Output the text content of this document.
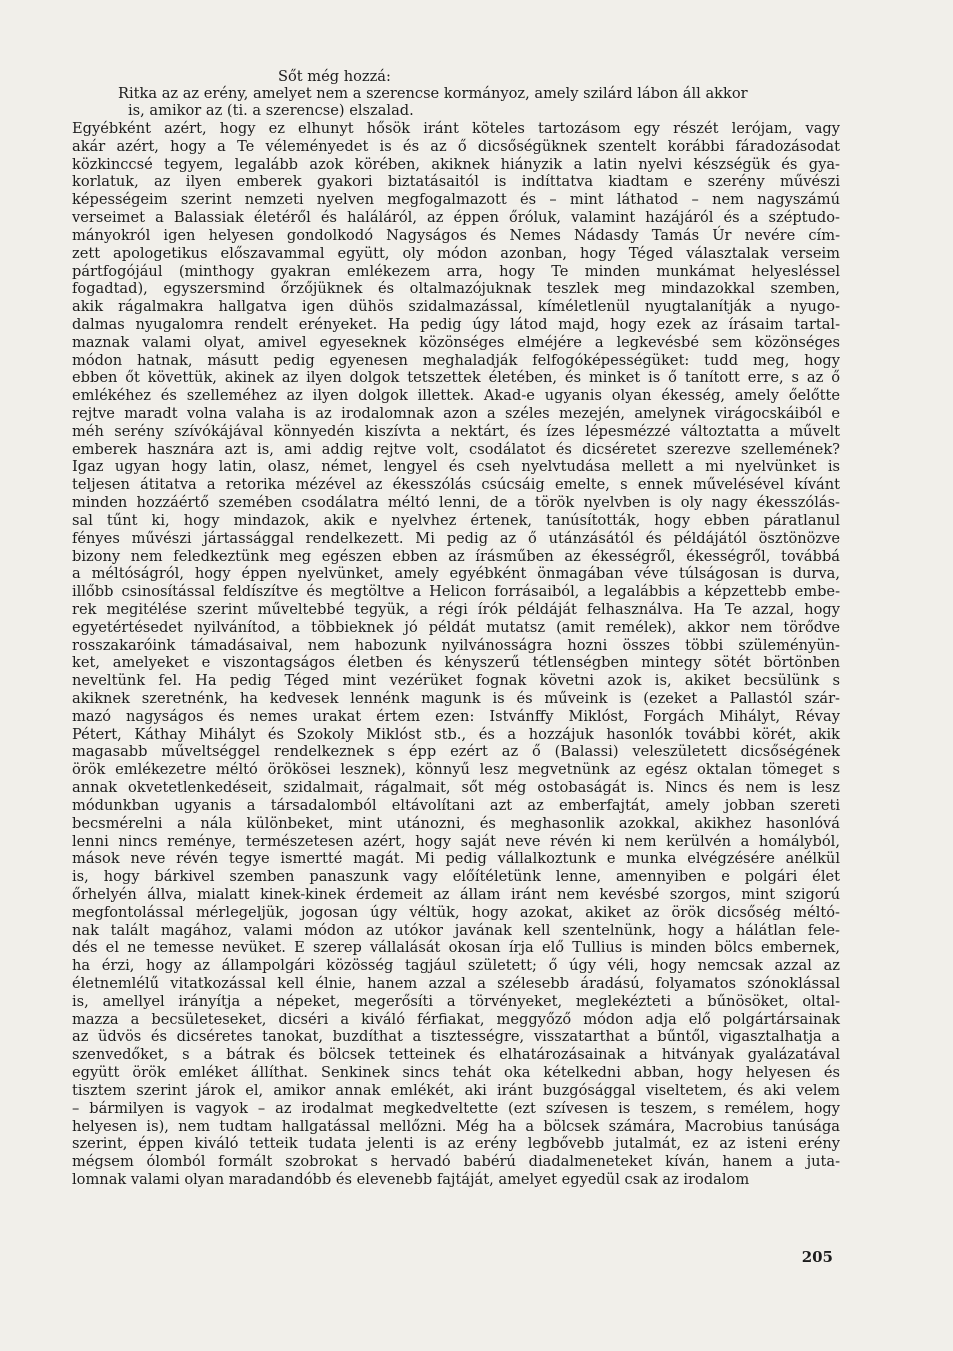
Sőt még hozzá:

Ritka az az erény, amelyet nem a szerencse kormányoz, amely szilárd lábon áll akkor

is, amikor az (ti. a szerencse) elszalad.

Egyébként azért, hogy ez elhunyt hősök iránt köteles tartozásom egy részét lerójam, vagy
akár azért, hogy a Te véleményedet is és az ő dicsőségüknek szentelt korábbi fáradozásodat
közkinccsé tegyem, legalább azok körében, akiknek hiányzik a latin nyelvi készségük és gya-
korlatuk, az ilyen emberek gyakori biztatásaitól is indíttatva kiadtam e szerény művészi
képességeim szerint nemzeti nyelven megfogalmazott és – mint láthatod – nem nagyszámú
verseimet a Balassiak életéről és haláláról, az éppen őróluk, valamint hazájáról és a széptudo-
mányokról igen helyesen gondolkodó Nagyságos és Nemes Nádasdy Tamás Úr nevére cím-
zett apologetikus előszavammal együtt, oly módon azonban, hogy Téged választalak verseim
pártfogójául (minthogy gyakran emlékezem arra, hogy Te minden munkámat helyesléssel
fogadtad), egyszersmind őrzőjüknek és oltalmazójuknak teszlek meg mindazokkal szemben,
akik rágalmakra hallgatva igen dühös szidalmazással, kíméletlenül nyugtalanítják a nyugo-
dalmas nyugalomra rendelt erényeket. Ha pedig úgy látod majd, hogy ezek az írásaim tartal-
maznak valami olyat, amivel egyeseknek közönséges elméjére a legkevésbé sem közönséges
módon hatnak, másutt pedig egyenesen meghaladják felfogóképességüket: tudd meg, hogy
ebben őt követtük, akinek az ilyen dolgok tetszettek életében, és minket is ő tanított erre, s az ő
emlékéhez és szelleméhez az ilyen dolgok illettek. Akad-e ugyanis olyan ékesség, amely őelőtte
rejtve maradt volna valaha is az irodalomnak azon a széles mezején, amelynek virágocskáiból e
méh serény szívókájával könnyedén kiszívta a nektárt, és ízes lépesmézzé változtatta a művelt
emberek hasznára azt is, ami addig rejtve volt, csodálatot és dicséretet szerezve szellemének?
Igaz ugyan hogy latin, olasz, német, lengyel és cseh nyelvtudása mellett a mi nyelvünket is
teljesen átitatva a retorika mézével az ékesszólás csúcsáig emelte, s ennek művelésével kívánt
minden hozzáértő szemében csodálatra méltó lenni, de a török nyelvben is oly nagy ékesszólás-
sal tűnt ki, hogy mindazok, akik e nyelvhez értenek, tanúsították, hogy ebben páratlanul
fényes művészi jártassággal rendelkezett. Mi pedig az ő utánzásától és példájától ösztönözve
bizony nem feledkeztünk meg egészen ebben az írásműben az ékességről, ékességről, továbbá
a méltóságról, hogy éppen nyelvünket, amely egyébként önmagában véve túlságosan is durva,
illőbb csinosítással feldíszítve és megtöltve a Helicon forrásaiból, a legalábbis a képzettebb embe-
rek megitélése szerint műveltebbé tegyük, a régi írók példáját felhasználva. Ha Te azzal, hogy
egyetértésedet nyilvánítod, a többieknek jó példát mutatsz (amit remélek), akkor nem törődve
rosszakaróink támadásaival, nem habozunk nyilvánosságra hozni összes többi szüleményün-
ket, amelyeket e viszontagságos életben és kényszerű tétlenségben mintegy sötét börtönben
neveltünk fel. Ha pedig Téged mint vezérüket fognak követni azok is, akiket becsülünk s
akiknek szeretnénk, ha kedvesek lennénk magunk is és műveink is (ezeket a Pallastól szár-
mazó nagyságos és nemes urakat értem ezen: Istvánffy Miklóst, Forgách Mihályt, Révay
Pétert, Káthay Mihályt és Szokoly Miklóst stb., és a hozzájuk hasonlók további körét, akik
magasabb műveltséggel rendelkeznek s épp ezért az ő (Balassi) veleszületett dicsőségének
örök emlékezetre méltó örökösei lesznek), könnyű lesz megvetnünk az egész oktalan tömeget s
annak okvetetlenkedéseit, szidalmait, rágalmait, sőt még ostobaságát is. Nincs és nem is lesz
módunkban ugyanis a társadalomból eltávolítani azt az emberfajtát, amely jobban szereti
becsmérelni a nála különbeket, mint utánozni, és meghasonlik azokkal, akikhez hasonlóvá
lenni nincs reménye, természetesen azért, hogy saját neve révén ki nem kerülvén a homályból,
mások neve révén tegye ismertté magát. Mi pedig vállalkoztunk e munka elvégzésére anélkül
is, hogy bárkivel szemben panaszunk vagy előítéletünk lenne, amennyiben e polgári élet
őrhelyén állva, mialatt kinek-kinek érdemeit az állam iránt nem kevésbé szorgos, mint szigorú
megfontolással mérlegeljük, jogosan úgy véltük, hogy azokat, akiket az örök dicsőség méltó-
nak talált magához, valami módon az utókor javának kell szentelnünk, hogy a hálátlan fele-
dés el ne temesse nevüket. E szerep vállalását okosan írja elő Tullius is minden bölcs embernek,
ha érzi, hogy az állampolgári közösség tagjául született; ő úgy véli, hogy nemcsak azzal az
életnemlélű vitatkozással kell élnie, hanem azzal a szélesebb áradású, folyamatos szónoklással
is, amellyel irányítja a népeket, megerősíti a törvényeket, meglekézteti a bűnösöket, oltal-
mazza a becsületeseket, dicséri a kiváló férfiakat, meggyőző módon adja elő polgártársainak
az üdvös és dicséretes tanokat, buzdíthat a tisztességre, visszatarthat a bűntől, vigasztalhatja a
szenvedőket, s a bátrak és bölcsek tetteinek és elhatározásainak a hitványak gyalázatával
együtt örök emléket állíthat. Senkinek sincs tehát oka kételkedni abban, hogy helyesen és
tisztem szerint járok el, amikor annak emlékét, aki iránt buzgósággal viseltetem, és aki velem
– bármilyen is vagyok – az irodalmat megkedveltette (ezt szívesen is teszem, s remélem, hogy
helyesen is), nem tudtam hallgatással mellőzni. Még ha a bölcsek számára, Macrobius tanúsága
szerint, éppen kiváló tetteik tudata jelenti is az erény legbővebb jutalmát, ez az isteni erény
mégsem ólomból formált szobrokat s hervadó babérú diadalmeneteket kíván, hanem a juta-
lomnak valami olyan maradandóbb és elevenebb fajtáját, amelyet egyedül csak az irodalom
205
